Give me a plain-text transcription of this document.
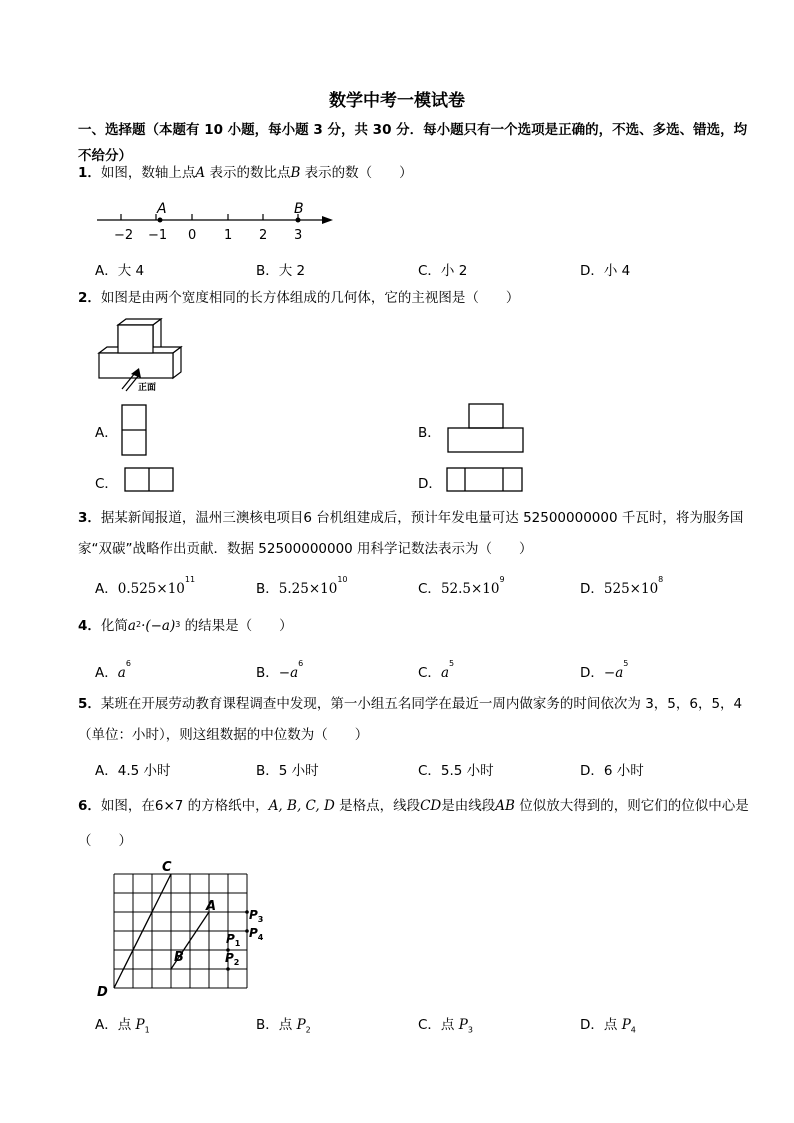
数学中考一模试卷
一、选择题（本题有 10 小题，每小题 3 分，共 30 分．每小题只有一个选项是正确的，不选、多选、错选，均不给分）
1．如图，数轴上点A 表示的数比点B 表示的数（　　）
A	B
−2 −1 0 1 2 3
A．大 4	B．大 2	C．小 2	D．小 4
2．如图是由两个宽度相同的长方体组成的几何体，它的主视图是（　　）
正面
A．	B．
C．	D．
3．据某新闻报道，温州三澳核电项目6 台机组建成后，预计年发电量可达 52500000000 千瓦时，将为服务国家“双碳”战略作出贡献．数据 52500000000 用科学记数法表示为（　　）
A．$0.525\times 10^{11}$
B．$5.25\times 10^{10}$
C．$52.5\times 10^9$
D．$525\times 10^8$
4．化简$a^2\cdot(-a)^3$ 的结果是（　　）
A．$a^6$
B．$-a^6$
C．$a^5$
D．$-a^5$
5．某班在开展劳动教育课程调查中发现，第一小组五名同学在最近一周内做家务的时间依次为 3，5，6，5，4（单位：小时），则这组数据的中位数为（　　）
A．4.5 小时	B．5 小时	C．5.5 小时	D．6 小时
6．如图，在6×7 的方格纸中，A, B, C, D 是格点，线段CD是由线段AB 位似放大得到的，则它们的位似中心是（　　）
C
A
B
D
$P_3$
$P_4$
$P_1$
$P_2$
A．点 $P_1$	B．点 $P_2$	C．点 $P_3$	D．点 $P_4$
